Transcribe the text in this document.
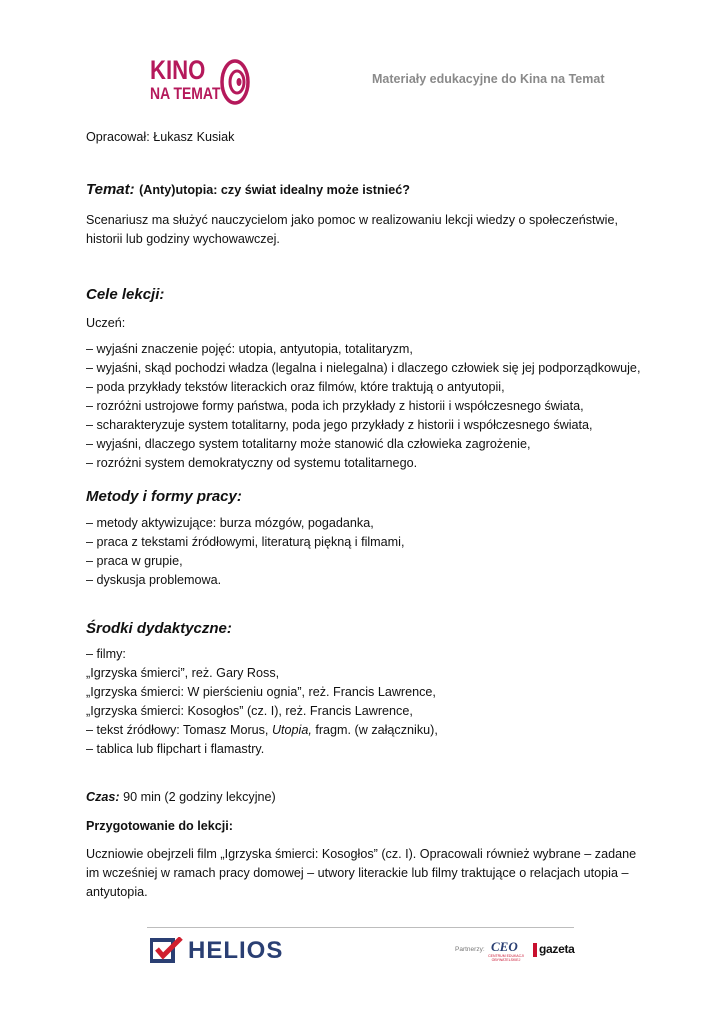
KINO
NA TEMAT
Materiały edukacyjne do Kina na Temat
Opracował: Łukasz Kusiak
Temat: (Anty)utopia: czy świat idealny może istnieć?
Scenariusz ma służyć nauczycielom jako pomoc w realizowaniu lekcji wiedzy o społeczeństwie, historii lub godziny wychowawczej.
Cele lekcji:
Uczeń:
– wyjaśni znaczenie pojęć: utopia, antyutopia, totalitaryzm,
– wyjaśni, skąd pochodzi władza (legalna i nielegalna) i dlaczego człowiek się jej podporządkowuje,
– poda przykłady tekstów literackich oraz filmów, które traktują o antyutopii,
– rozróżni ustrojowe formy państwa, poda ich przykłady z historii i współczesnego świata,
– scharakteryzuje system totalitarny, poda jego przykłady z historii i współczesnego świata,
– wyjaśni, dlaczego system totalitarny może stanowić dla człowieka zagrożenie,
– rozróżni system demokratyczny od systemu totalitarnego.
Metody i formy pracy:
– metody aktywizujące: burza mózgów, pogadanka,
– praca z tekstami źródłowymi, literaturą piękną i filmami,
– praca w grupie,
– dyskusja problemowa.
Środki dydaktyczne:
– filmy:
„Igrzyska śmierci”, reż. Gary Ross,
„Igrzyska śmierci: W pierścieniu ognia”, reż. Francis Lawrence,
„Igrzyska śmierci: Kosogłos” (cz. I), reż. Francis Lawrence,
– tekst źródłowy: Tomasz Morus, Utopia, fragm. (w załączniku),
– tablica lub flipchart i flamastry.
Czas: 90 min (2 godziny lekcyjne)
Przygotowanie do lekcji:
Uczniowie obejrzeli film „Igrzyska śmierci: Kosogłos” (cz. I). Opracowali również wybrane – zadane im wcześniej w ramach pracy domowej – utwory literackie lub filmy traktujące o relacjach utopia – antyutopia.
HELIOS	Partnerzy: CEO
CENTRUM EDUKACJI OBYWATELSKIEJ
gazeta
